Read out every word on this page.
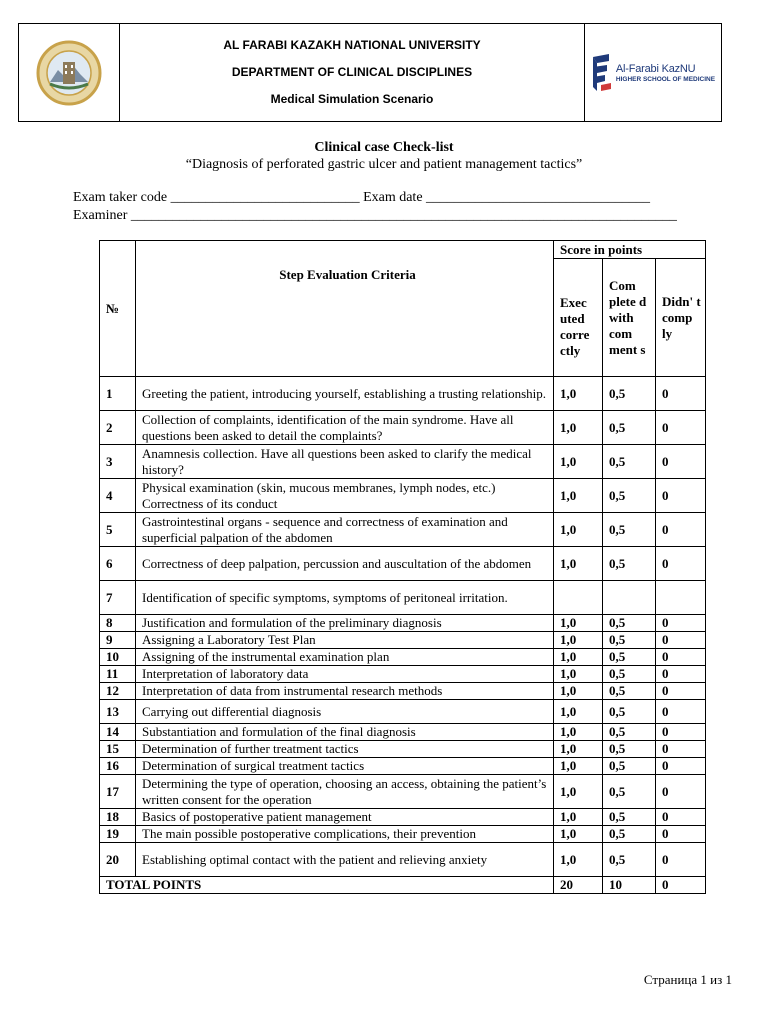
AL FARABI KAZAKH NATIONAL UNIVERSITY
DEPARTMENT OF CLINICAL DISCIPLINES
Medical Simulation Scenario
Al-Farabi KazNU
HIGHER SCHOOL OF MEDICINE
Clinical case Check-list
“Diagnosis of perforated gastric ulcer and patient management tactics”
Exam taker code ___________________________ Exam date ________________________________
Examiner ______________________________________________________________________________
№	Step Evaluation Criteria	Score in points		
		Exec uted corre ctly	Com plete d with com ment s	Didn' t comp ly
1	Greeting the patient, introducing yourself, establishing a trusting relationship.	1,0	0,5	0
2	Collection of complaints, identification of the main syndrome. Have all questions been asked to detail the complaints?	1,0	0,5	0
3	Anamnesis collection. Have all questions been asked to clarify the medical history?	1,0	0,5	0
4	Physical examination (skin, mucous membranes, lymph nodes, etc.) Correctness of its conduct	1,0	0,5	0
5	Gastrointestinal organs - sequence and correctness of examination and superficial palpation of the abdomen	1,0	0,5	0
6	Correctness of deep palpation, percussion and auscultation of the abdomen	1,0	0,5	0
7	Identification of specific symptoms, symptoms of peritoneal irritation.			
8	Justification and formulation of the preliminary diagnosis	1,0	0,5	0
9	Assigning a Laboratory Test Plan	1,0	0,5	0
10	Assigning of the instrumental examination plan	1,0	0,5	0
11	Interpretation of laboratory data	1,0	0,5	0
12	Interpretation of data from instrumental research methods	1,0	0,5	0
13	Carrying out differential diagnosis	1,0	0,5	0
14	Substantiation and formulation of the final diagnosis	1,0	0,5	0
15	Determination of further treatment tactics	1,0	0,5	0
16	Determination of surgical treatment tactics	1,0	0,5	0
17	Determining the type of operation, choosing an access, obtaining the patient’s written consent for the operation	1,0	0,5	0
18	Basics of postoperative patient management	1,0	0,5	0
19	The main possible postoperative complications, their prevention	1,0	0,5	0
20	Establishing optimal contact with the patient and relieving anxiety	1,0	0,5	0
TOTAL POINTS		20	10	0
Страница 1 из 1
